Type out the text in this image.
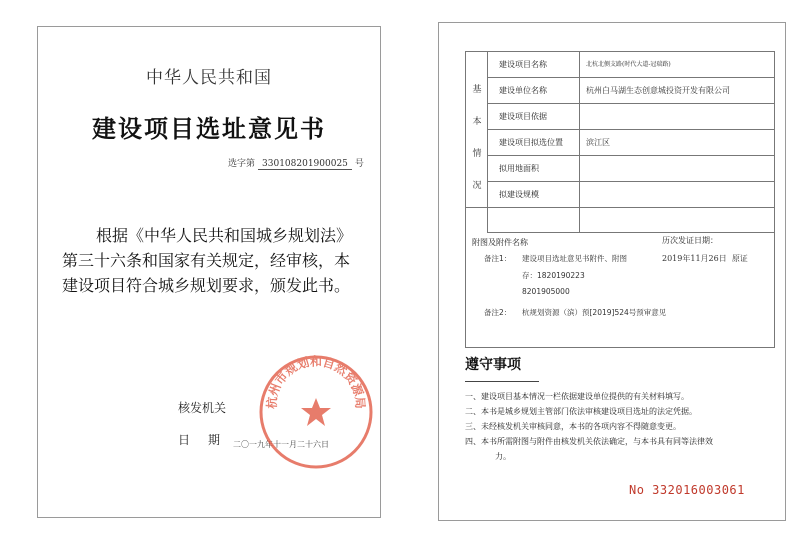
中华人民共和国
建设项目选址意见书
选字第 330108201900025 号
根据《中华人民共和国城乡规划法》第三十六条和国家有关规定，经审核，本建设项目符合城乡规划要求，颁发此书。
核发机关
日期
二〇一九年十一月二十六日
杭州市规划和自然资源局
基
本
情
况
建设项目名称	北杭北侧支路(时代大道-冠瑞路)
建设单位名称	杭州白马湖生态创意城投资开发有限公司
建设项目依据
建设项目拟选位置	滨江区
拟用地面积
拟建设规模
附图及附件名称	历次发证日期：
2019年11月26日 原证
备注1： 建设项目选址意见书附件、附图
存：1820190223
8201905000
备注2： 杭规划资源（滨）预[2019]524号预审意见
遵守事项
一、建设项目基本情况一栏依据建设单位提供的有关材料填写。
二、本书是城乡规划主管部门依法审核建设项目选址的法定凭据。
三、未经核发机关审核同意，本书的各项内容不得随意变更。
四、本书所需附图与附件由核发机关依法确定，与本书具有同等法律效
力。
No 332016003061
